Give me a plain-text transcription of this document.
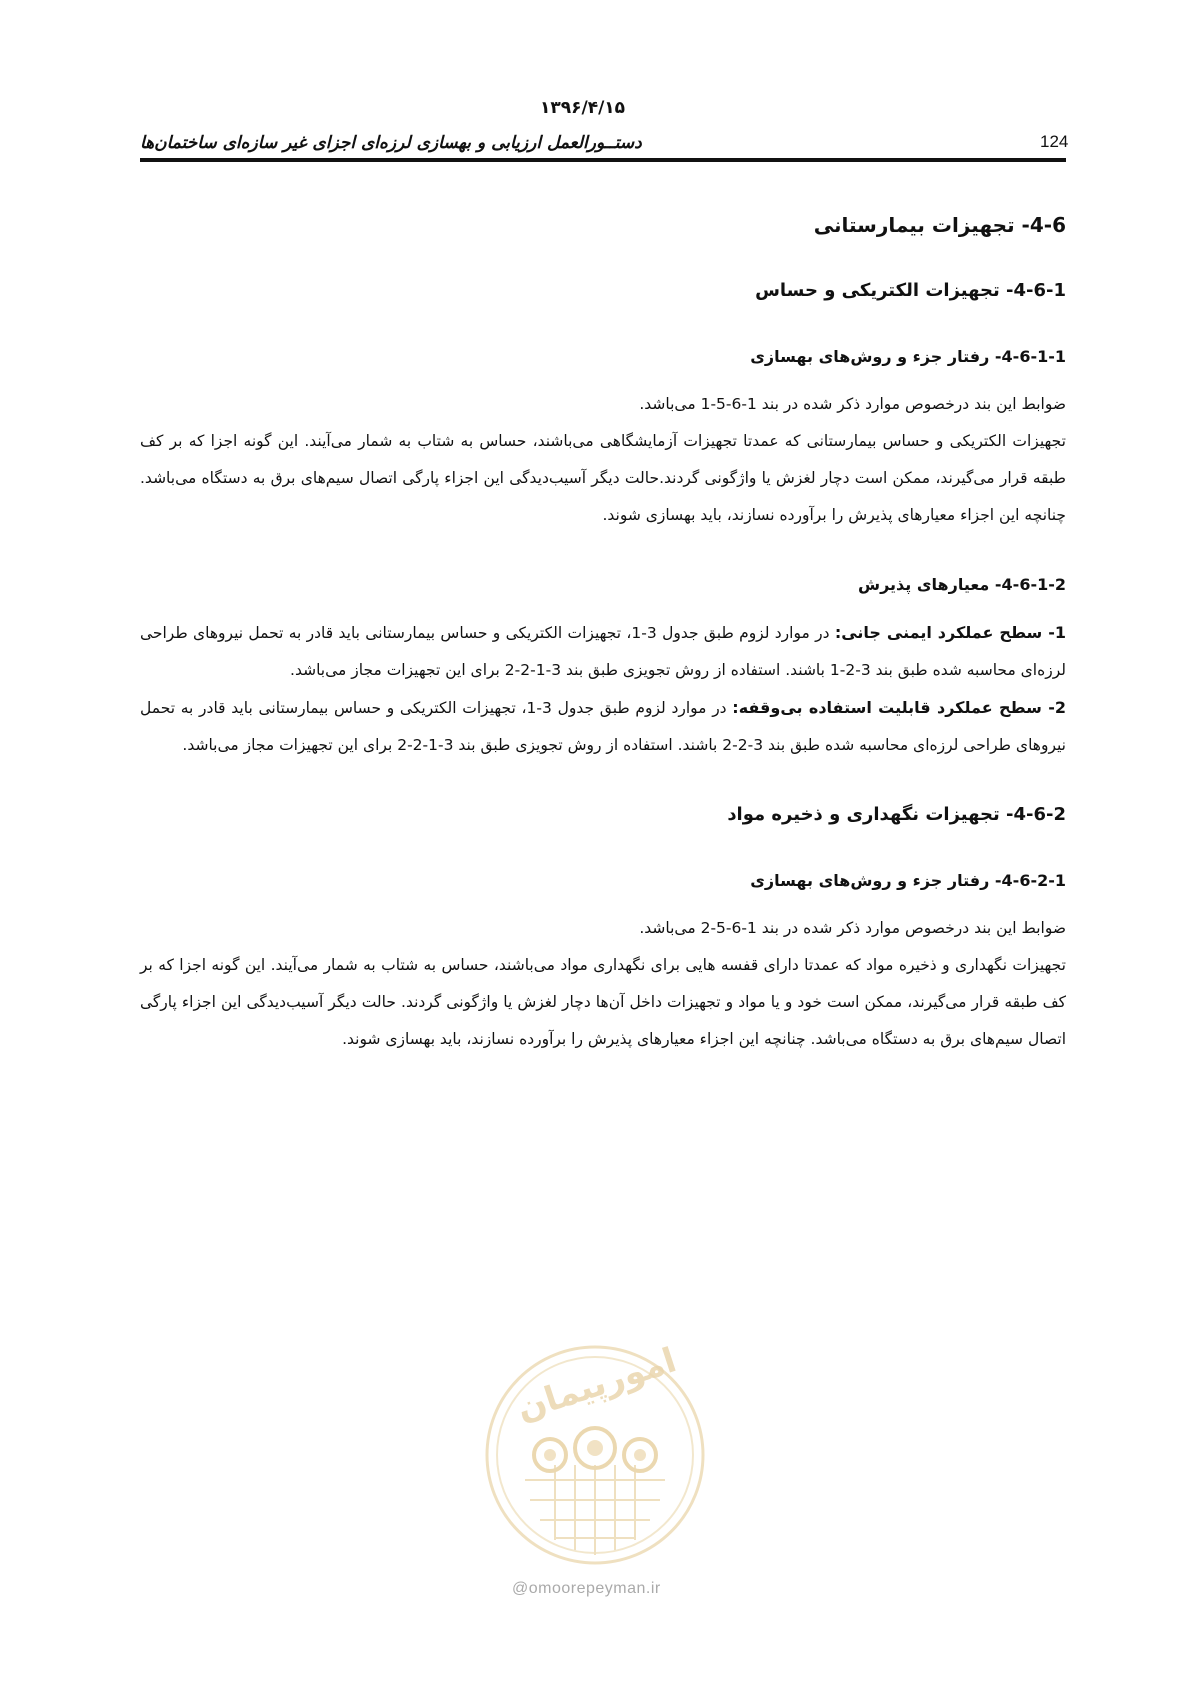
۱۳۹۶/۴/۱۵
دستــورالعمل ارزیابی و بهسازی لرزه‌ای اجزای غیر سازه‌ای ساختمان‌ها	124
4-6- تجهیزات بیمارستانی
4-6-1- تجهیزات الکتریکی و حساس
4-6-1-1- رفتار جزء و روش‌های بهسازی
ضوابط این بند درخصوص موارد ذکر شده در بند 1-6-5-1 می‌باشد.
تجهیزات الکتریکی و حساس بیمارستانی که عمدتا تجهیزات آزمایشگاهی می‌باشند، حساس به شتاب به شمار می‌آیند. این گونه اجزا که بر کف طبقه قرار می‌گیرند، ممکن است دچار لغزش یا واژگونی گردند.حالت دیگر آسیب‌دیدگی این اجزاء پارگی اتصال سیم‌های برق به دستگاه می‌باشد. چنانچه این اجزاء معیارهای پذیرش را برآورده نسازند، باید بهسازی شوند.
4-6-1-2- معیارهای پذیرش
1- سطح عملکرد ایمنی جانی: در موارد لزوم طبق جدول 3-1، تجهیزات الکتریکی و حساس بیمارستانی باید قادر به تحمل نیروهای طراحی لرزه‌ای محاسبه شده طبق بند 3-2-1 باشند. استفاده از روش تجویزی طبق بند 3-1-2-2 برای این تجهیزات مجاز می‌باشد.
2- سطح عملکرد قابلیت استفاده بی‌وقفه: در موارد لزوم طبق جدول 3-1، تجهیزات الکتریکی و حساس بیمارستانی باید قادر به تحمل نیروهای طراحی لرزه‌ای محاسبه شده طبق بند 3-2-2 باشند. استفاده از روش تجویزی طبق بند 3-1-2-2 برای این تجهیزات مجاز می‌باشد.
4-6-2- تجهیزات نگهداری و ذخیره مواد
4-6-2-1- رفتار جزء و روش‌های بهسازی
ضوابط این بند درخصوص موارد ذکر شده در بند 1-6-5-2 می‌باشد.
تجهیزات نگهداری و ذخیره مواد که عمدتا دارای قفسه هایی برای نگهداری مواد می‌باشند، حساس به شتاب به شمار می‌آیند. این گونه اجزا که بر کف طبقه قرار می‌گیرند، ممکن است خود و یا مواد و تجهیزات داخل آن‌ها دچار لغزش یا واژگونی گردند. حالت دیگر آسیب‌دیدگی این اجزاء پارگی اتصال سیم‌های برق به دستگاه می‌باشد. چنانچه این اجزاء معیارهای پذیرش را برآورده نسازند، باید بهسازی شوند.
امورپیمان
@omoorepeyman.ir
